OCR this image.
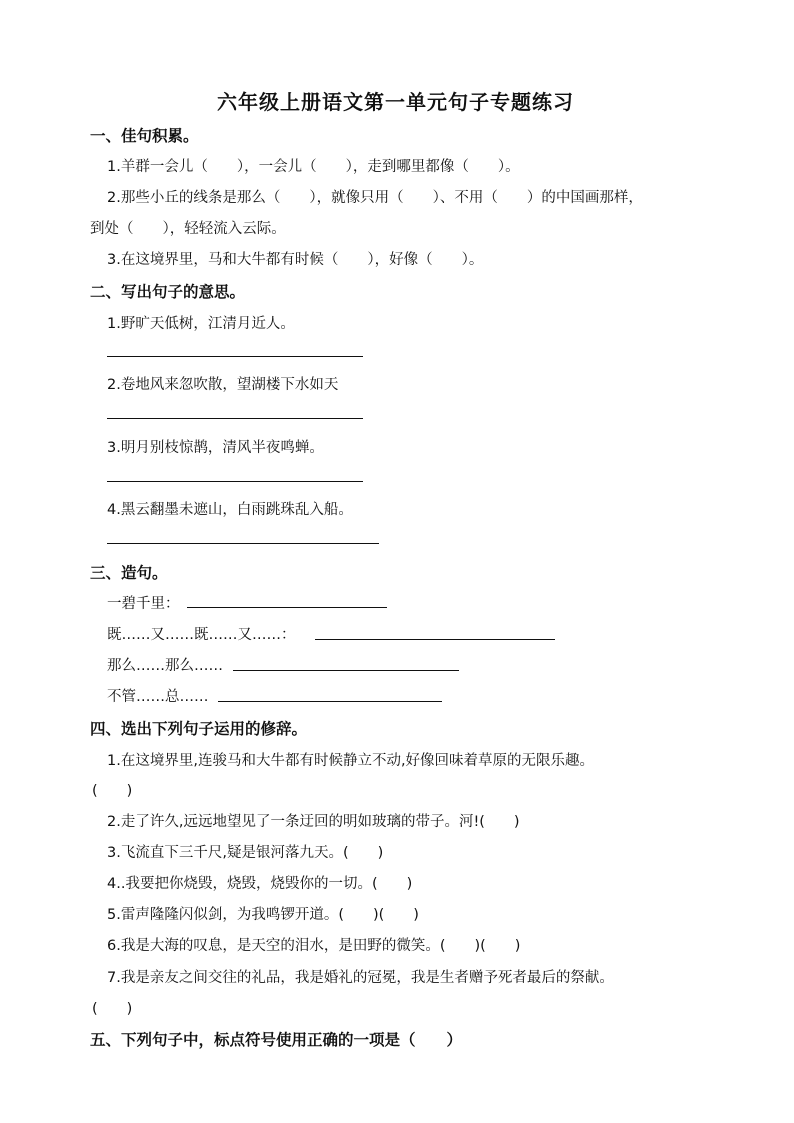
六年级上册语文第一单元句子专题练习
一、佳句积累。
1.羊群一会儿（　　），一会儿（　　），走到哪里都像（　　）。
2.那些小丘的线条是那么（　　），就像只用（　　）、不用（　　）的中国画那样，
到处（　　），轻轻流入云际。
3.在这境界里，马和大牛都有时候（　　），好像（　　）。
二、写出句子的意思。
1.野旷天低树，江清月近人。
2.卷地风来忽吹散，望湖楼下水如天
3.明月别枝惊鹊，清风半夜鸣蝉。
4.黑云翻墨未遮山，白雨跳珠乱入船。
三、造句。
一碧千里：
既……又……既……又……：
那么……那么……
不管……总……
四、选出下列句子运用的修辞。
1.在这境界里,连骏马和大牛都有时候静立不动,好像回味着草原的无限乐趣。
(　　)
2.走了许久,远远地望见了一条迂回的明如玻璃的带子。河!(　　)
3.飞流直下三千尺,疑是银河落九天。(　　)
4..我要把你烧毁，烧毁，烧毁你的一切。(　　)
5.雷声隆隆闪似剑，为我鸣锣开道。(　　)(　　)
6.我是大海的叹息，是天空的泪水，是田野的微笑。(　　)(　　)
7.我是亲友之间交往的礼品，我是婚礼的冠冕，我是生者赠予死者最后的祭献。
(　　)
五、下列句子中，标点符号使用正确的一项是（　　）
